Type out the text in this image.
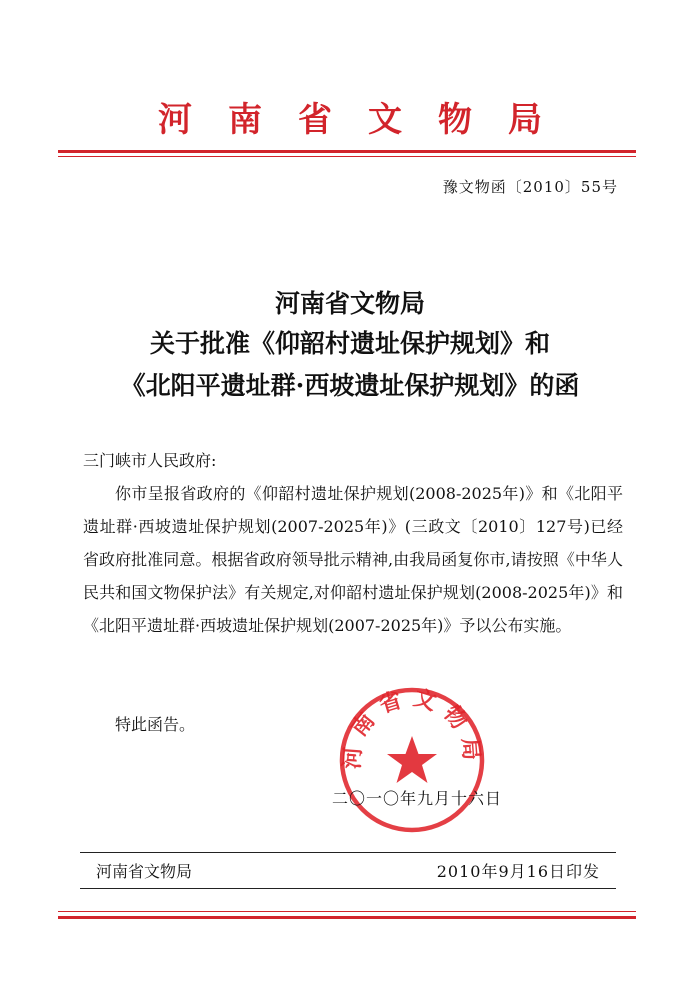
河南省文物局
豫文物函〔2010〕55号
河南省文物局
关于批准《仰韶村遗址保护规划》和
《北阳平遗址群·西坡遗址保护规划》的函
三门峡市人民政府:
你市呈报省政府的《仰韶村遗址保护规划(2008-2025年)》和《北阳平遗址群·西坡遗址保护规划(2007-2025年)》(三政文〔2010〕127号)已经省政府批准同意。根据省政府领导批示精神,由我局函复你市,请按照《中华人民共和国文物保护法》有关规定,对仰韶村遗址保护规划(2008-2025年)》和《北阳平遗址群·西坡遗址保护规划(2007-2025年)》予以公布实施。
特此函告。
河南省文物局
二〇一〇年九月十六日
河南省文物局	2010年9月16日印发
